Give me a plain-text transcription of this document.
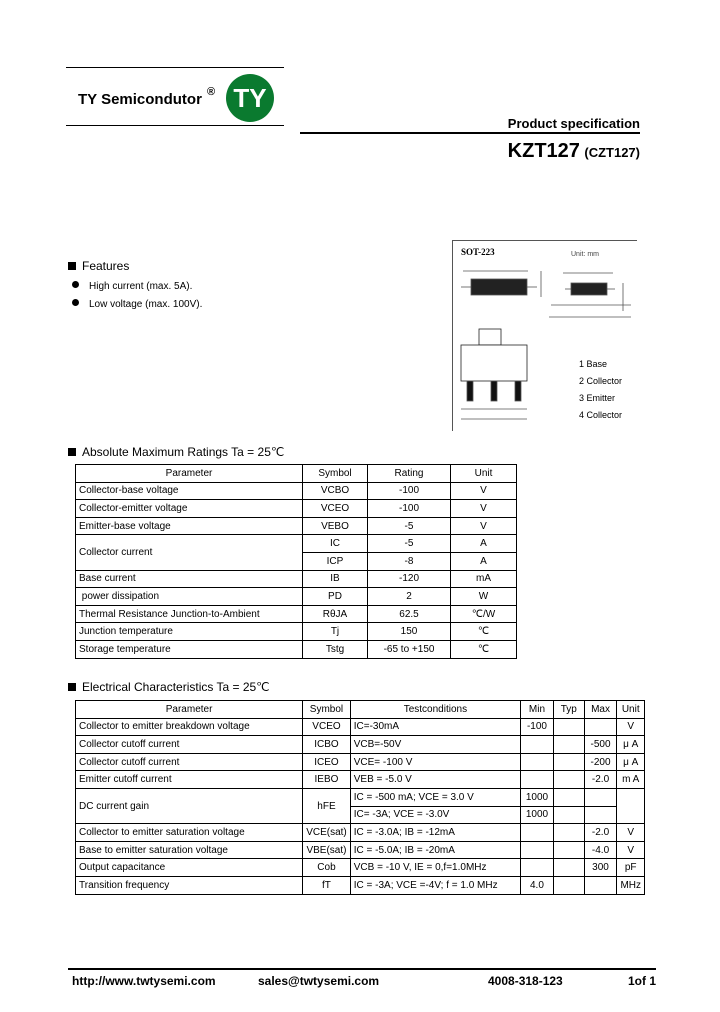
TY Semicondutor ® TY
Product specification
KZT127 (CZT127)
Features
High current (max. 5A).
Low voltage (max. 100V).
SOT-223	Unit: mm
1 Base
2 Collector
3 Emitter
4 Collector
Absolute Maximum Ratings Ta = 25℃
Parameter	Symbol	Rating	Unit
Collector-base voltage	VCBO	-100	V
Collector-emitter voltage	VCEO	-100	V
Emitter-base voltage	VEBO	-5	V
Collector current	IC	-5	A
	ICP	-8	A
Base current	IB	-120	mA
power dissipation	PD	2	W
Thermal Resistance Junction-to-Ambient	RθJA	62.5	℃/W
Junction temperature	Tj	150	℃
Storage temperature	Tstg	-65 to +150	℃
Electrical Characteristics Ta = 25℃
Parameter	Symbol	Testconditions	Min	Typ	Max	Unit
Collector to emitter breakdown voltage	VCEO	IC=-30mA	-100			V
Collector cutoff current	ICBO	VCB=-50V			-500	μ A
Collector cutoff current	ICEO	VCE= -100 V			-200	μ A
Emitter cutoff current	IEBO	VEB = -5.0 V			-2.0	m A
DC current gain	hFE	IC = -500 mA; VCE = 3.0 V	1000			
		IC= -3A; VCE = -3.0V	1000			
Collector to emitter saturation voltage	VCE(sat)	IC = -3.0A; IB = -12mA			-2.0	V
Base to emitter saturation voltage	VBE(sat)	IC = -5.0A; IB = -20mA			-4.0	V
Output capacitance	Cob	VCB = -10 V, IE = 0,f=1.0MHz			300	pF
Transition frequency	fT	IC = -3A; VCE =-4V; f = 1.0 MHz	4.0			MHz
http://www.twtysemi.com	sales@twtysemi.com	4008-318-123	1of 1
